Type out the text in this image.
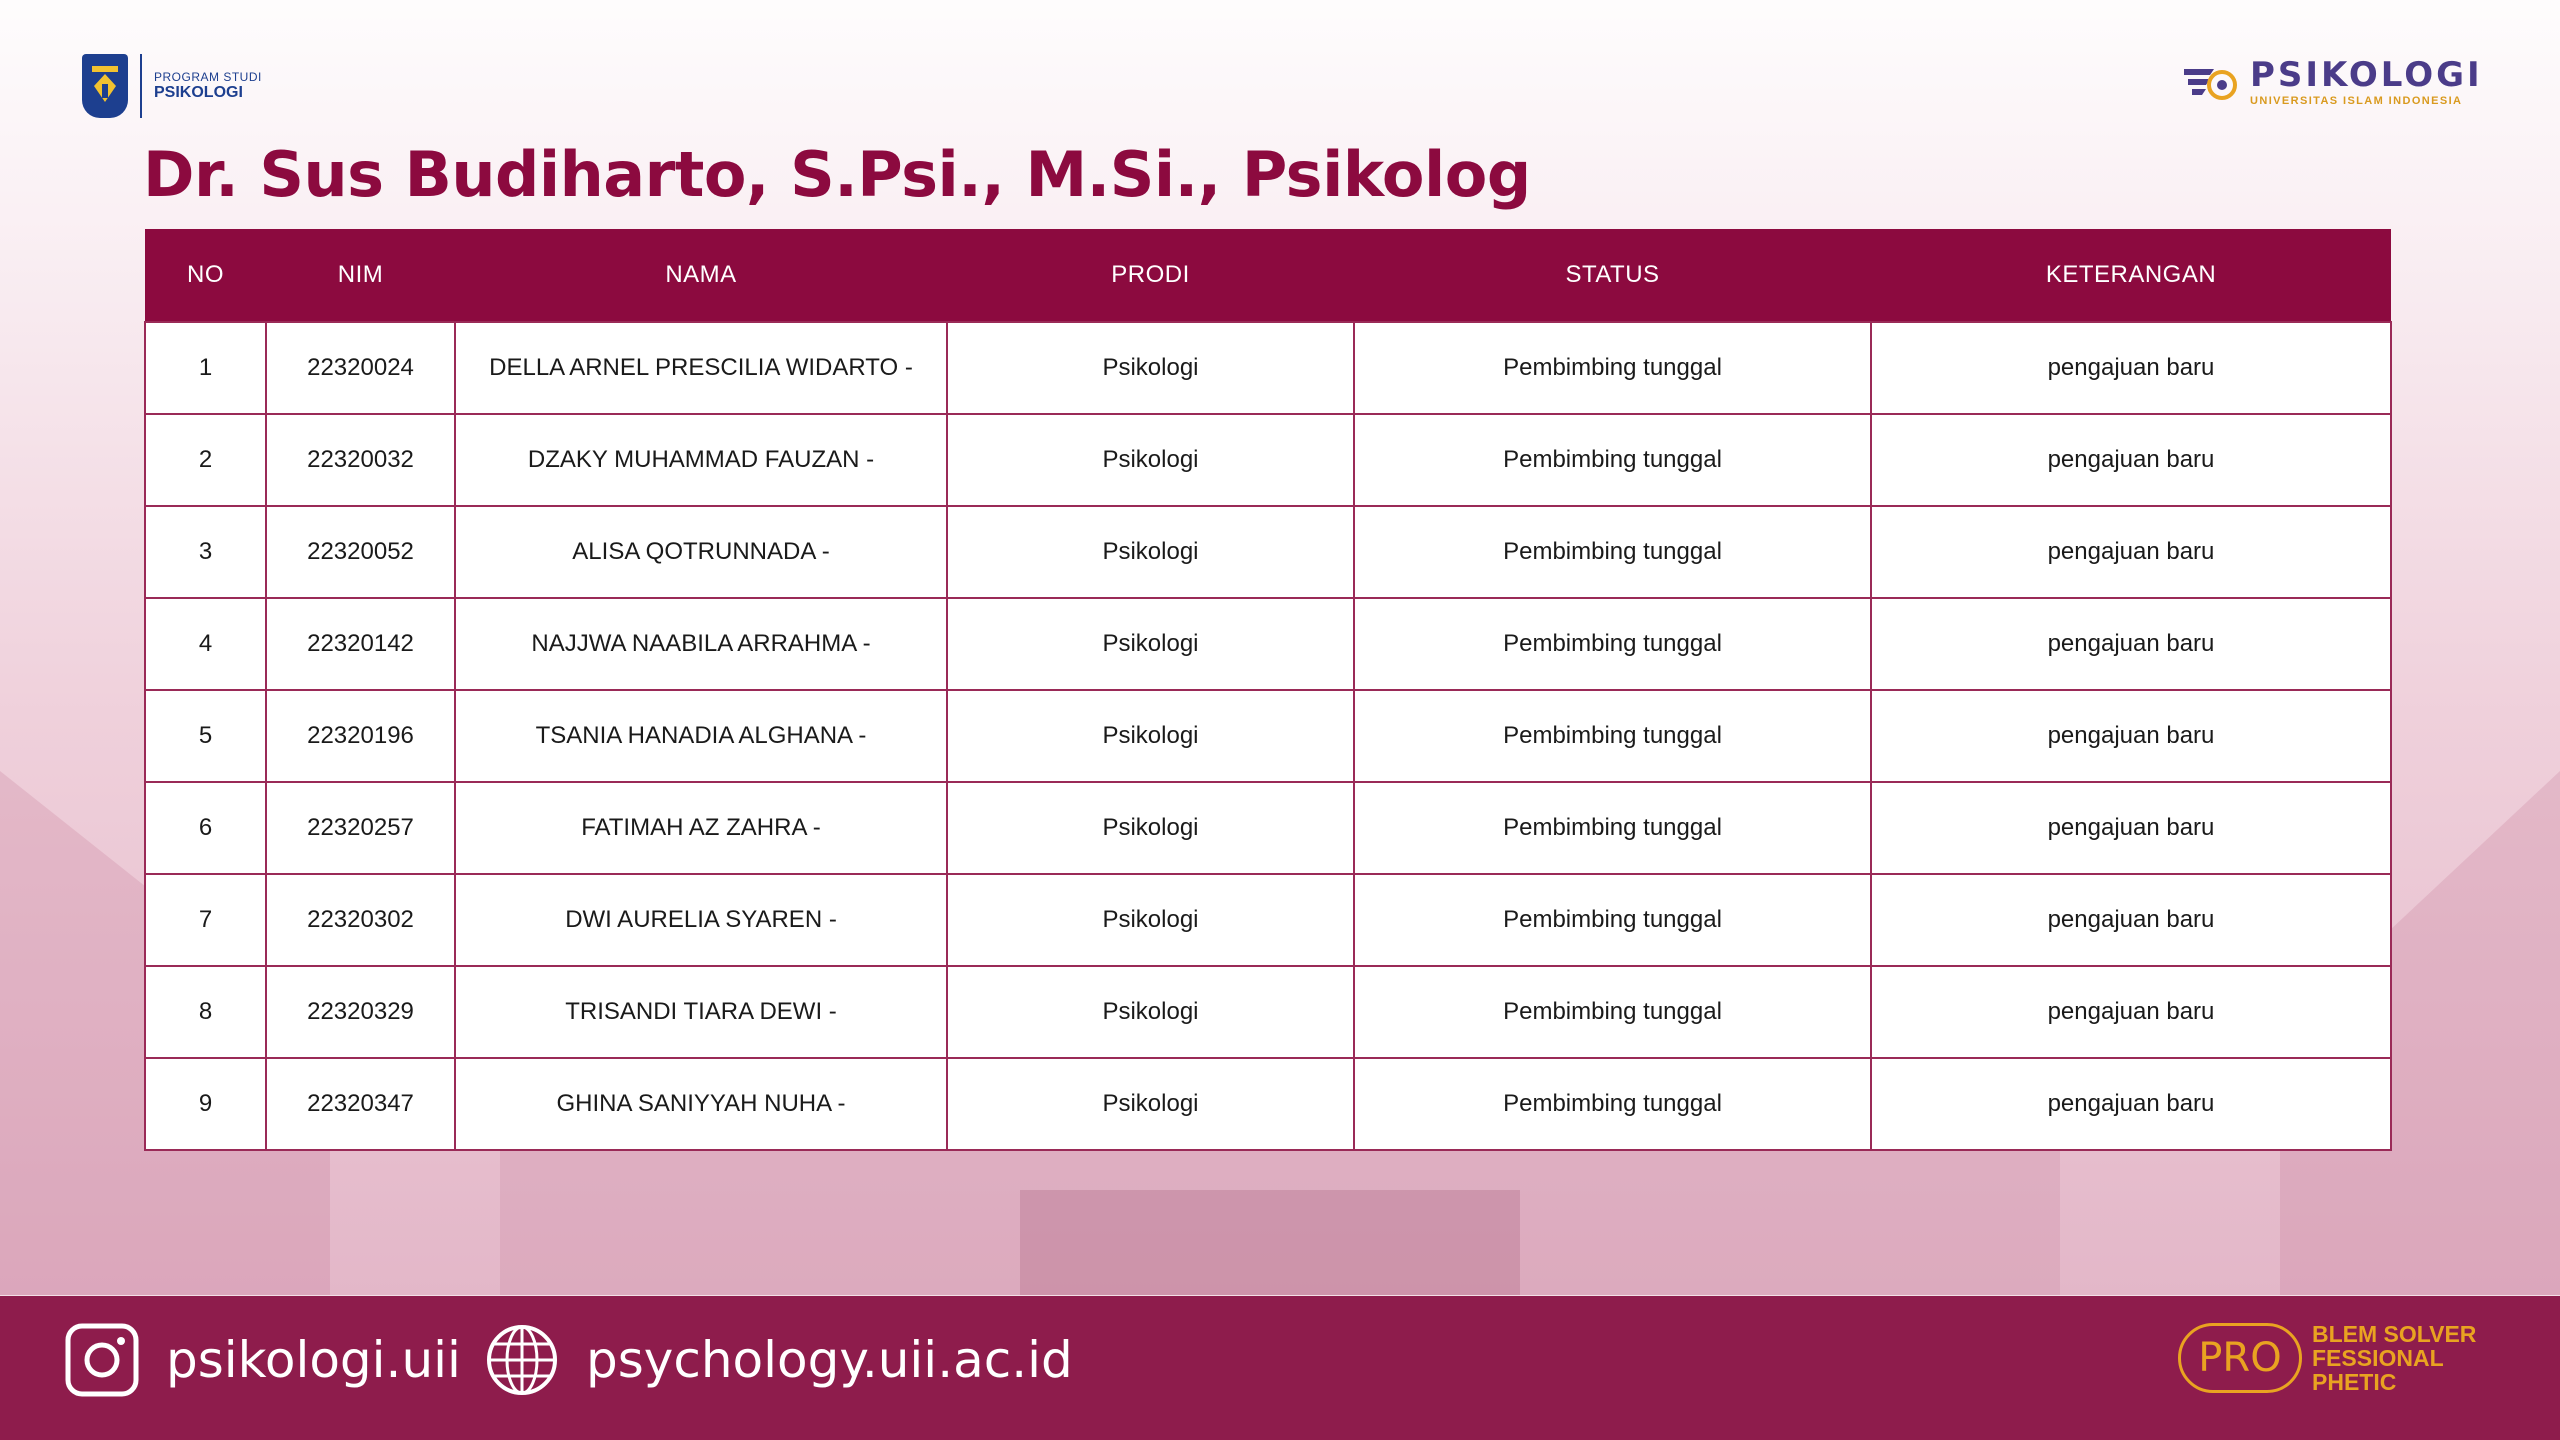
PROGRAM STUDI
PSIKOLOGI	PSIKOLOGI
UNIVERSITAS ISLAM INDONESIA
Dr. Sus Budiharto, S.Psi., M.Si., Psikolog
NO	NIM	NAMA	PRODI	STATUS	KETERANGAN
1	22320024	DELLA ARNEL PRESCILIA WIDARTO -	Psikologi	Pembimbing tunggal	pengajuan baru
2	22320032	DZAKY MUHAMMAD FAUZAN -	Psikologi	Pembimbing tunggal	pengajuan baru
3	22320052	ALISA QOTRUNNADA -	Psikologi	Pembimbing tunggal	pengajuan baru
4	22320142	NAJJWA NAABILA ARRAHMA -	Psikologi	Pembimbing tunggal	pengajuan baru
5	22320196	TSANIA HANADIA ALGHANA -	Psikologi	Pembimbing tunggal	pengajuan baru
6	22320257	FATIMAH AZ ZAHRA -	Psikologi	Pembimbing tunggal	pengajuan baru
7	22320302	DWI AURELIA SYAREN -	Psikologi	Pembimbing tunggal	pengajuan baru
8	22320329	TRISANDI TIARA DEWI -	Psikologi	Pembimbing tunggal	pengajuan baru
9	22320347	GHINA SANIYYAH NUHA -	Psikologi	Pembimbing tunggal	pengajuan baru
psikologi.uii	psychology.uii.ac.id	PRO
BLEM SOLVER
FESSIONAL
PHETIC
